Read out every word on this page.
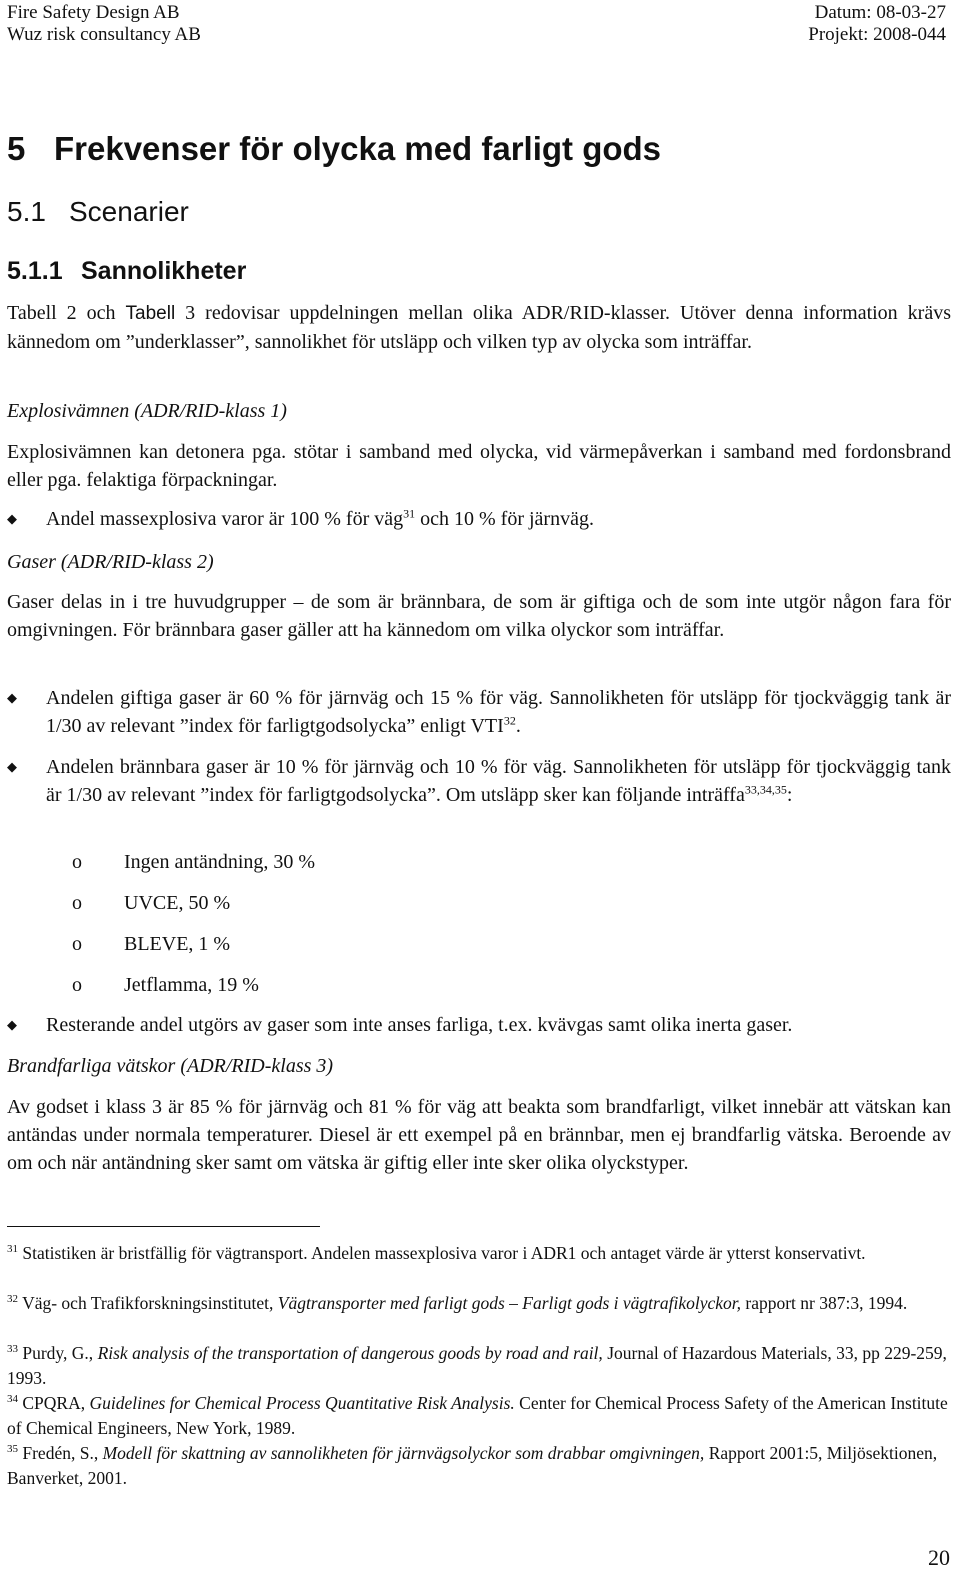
Fire Safety Design AB
Wuz risk consultancy AB
Datum: 08-03-27
Projekt: 2008-044
5 Frekvenser för olycka med farligt gods
5.1 Scenarier
5.1.1 Sannolikheter
Tabell 2 och Tabell 3 redovisar uppdelningen mellan olika ADR/RID-klasser. Utöver denna information krävs kännedom om ”underklasser”, sannolikhet för utsläpp och vilken typ av olycka som inträffar.
Explosivämnen (ADR/RID-klass 1)
Explosivämnen kan detonera pga. stötar i samband med olycka, vid värmepåverkan i samband med fordonsbrand eller pga. felaktiga förpackningar.
◆ Andel massexplosiva varor är 100 % för väg$^{31}$ och 10 % för järnväg.
Gaser (ADR/RID-klass 2)
Gaser delas in i tre huvudgrupper – de som är brännbara, de som är giftiga och de som inte utgör någon fara för omgivningen. För brännbara gaser gäller att ha kännedom om vilka olyckor som inträffar.
◆ Andelen giftiga gaser är 60 % för järnväg och 15 % för väg. Sannolikheten för utsläpp för tjockväggig tank är 1/30 av relevant ”index för farligtgodsolycka” enligt VTI$^{32}$.
◆ Andelen brännbara gaser är 10 % för järnväg och 10 % för väg. Sannolikheten för utsläpp för tjockväggig tank är 1/30 av relevant ”index för farligtgodsolycka”. Om utsläpp sker kan följande inträffa$^{33,34,35}$:
o Ingen antändning, 30 %
o UVCE, 50 %
o BLEVE, 1 %
o Jetflamma, 19 %
◆ Resterande andel utgörs av gaser som inte anses farliga, t.ex. kvävgas samt olika inerta gaser.
Brandfarliga vätskor (ADR/RID-klass 3)
Av godset i klass 3 är 85 % för järnväg och 81 % för väg att beakta som brandfarligt, vilket innebär att vätskan kan antändas under normala temperaturer. Diesel är ett exempel på en brännbar, men ej brandfarlig vätska. Beroende av om och när antändning sker samt om vätska är giftig eller inte sker olika olyckstyper.
$^{31}$ Statistiken är bristfällig för vägtransport. Andelen massexplosiva varor i ADR1 och antaget värde är ytterst konservativt.
$^{32}$ Väg- och Trafikforskningsinstitutet, Vägtransporter med farligt gods – Farligt gods i vägtrafikolyckor, rapport nr 387:3, 1994.
$^{33}$ Purdy, G., Risk analysis of the transportation of dangerous goods by road and rail, Journal of Hazardous Materials, 33, pp 229-259, 1993.
$^{34}$ CPQRA, Guidelines for Chemical Process Quantitative Risk Analysis. Center for Chemical Process Safety of the American Institute of Chemical Engineers, New York, 1989.
$^{35}$ Fredén, S., Modell för skattning av sannolikheten för järnvägsolyckor som drabbar omgivningen, Rapport 2001:5, Miljösektionen, Banverket, 2001.
20
